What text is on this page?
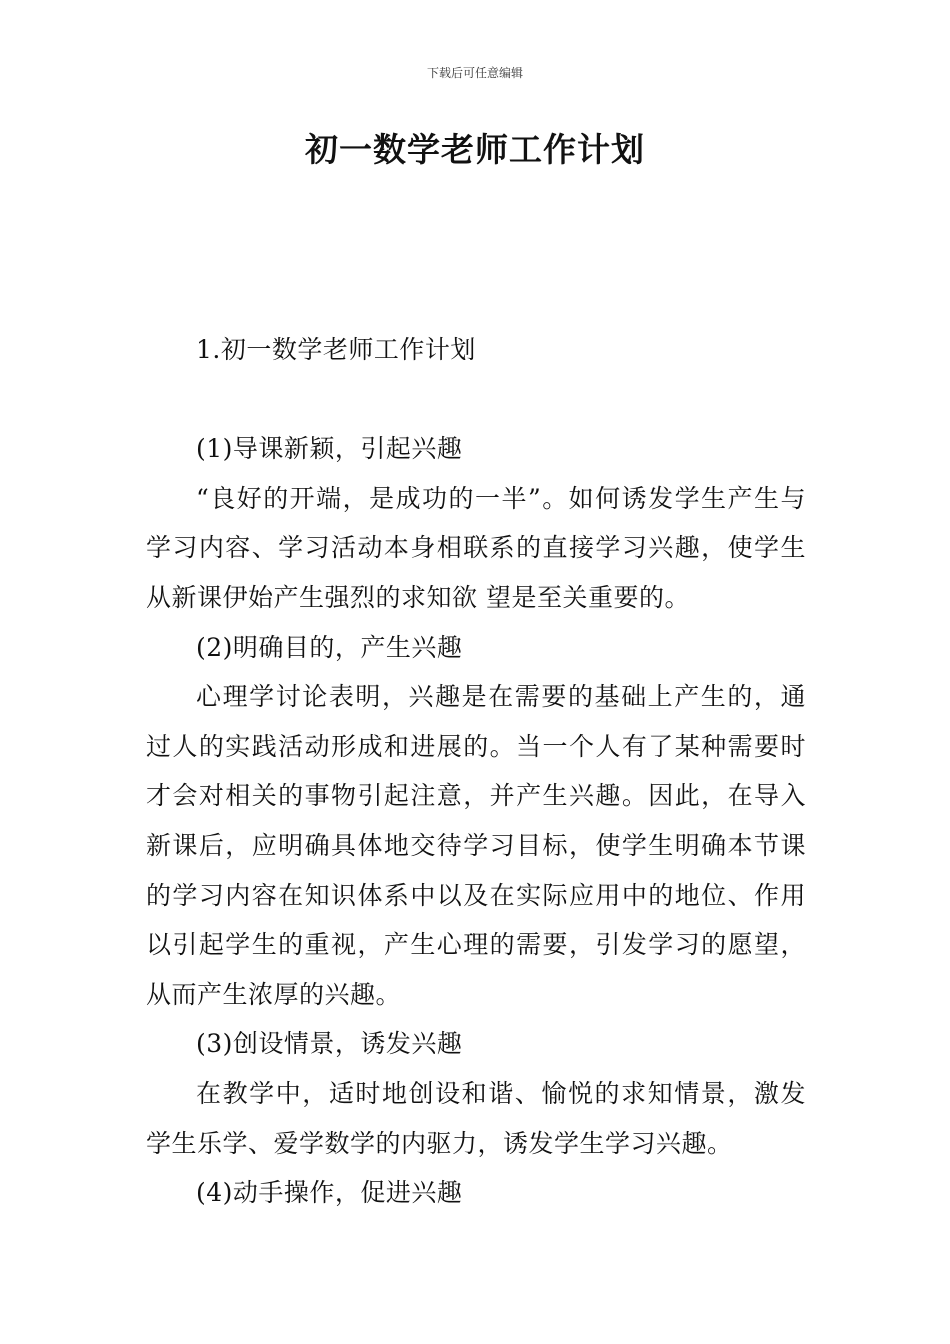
下载后可任意编辑
初一数学老师工作计划

1.初一数学老师工作计划

(1)导课新颖，引起兴趣

“良好的开端，是成功的一半”。如何诱发学生产生与学习内容、学习活动本身相联系的直接学习兴趣，使学生从新课伊始产生强烈的求知欲 望是至关重要的。

(2)明确目的，产生兴趣

心理学讨论表明，兴趣是在需要的基础上产生的，通过人的实践活动形成和进展的。当一个人有了某种需要时才会对相关的事物引起注意，并产生兴趣。因此，在导入新课后，应明确具体地交待学习目标，使学生明确本节课的学习内容在知识体系中以及在实际应用中的地位、作用以引起学生的重视，产生心理的需要，引发学习的愿望，从而产生浓厚的兴趣。

(3)创设情景，诱发兴趣

在教学中，适时地创设和谐、愉悦的求知情景，激发学生乐学、爱学数学的内驱力，诱发学生学习兴趣。

(4)动手操作，促进兴趣
